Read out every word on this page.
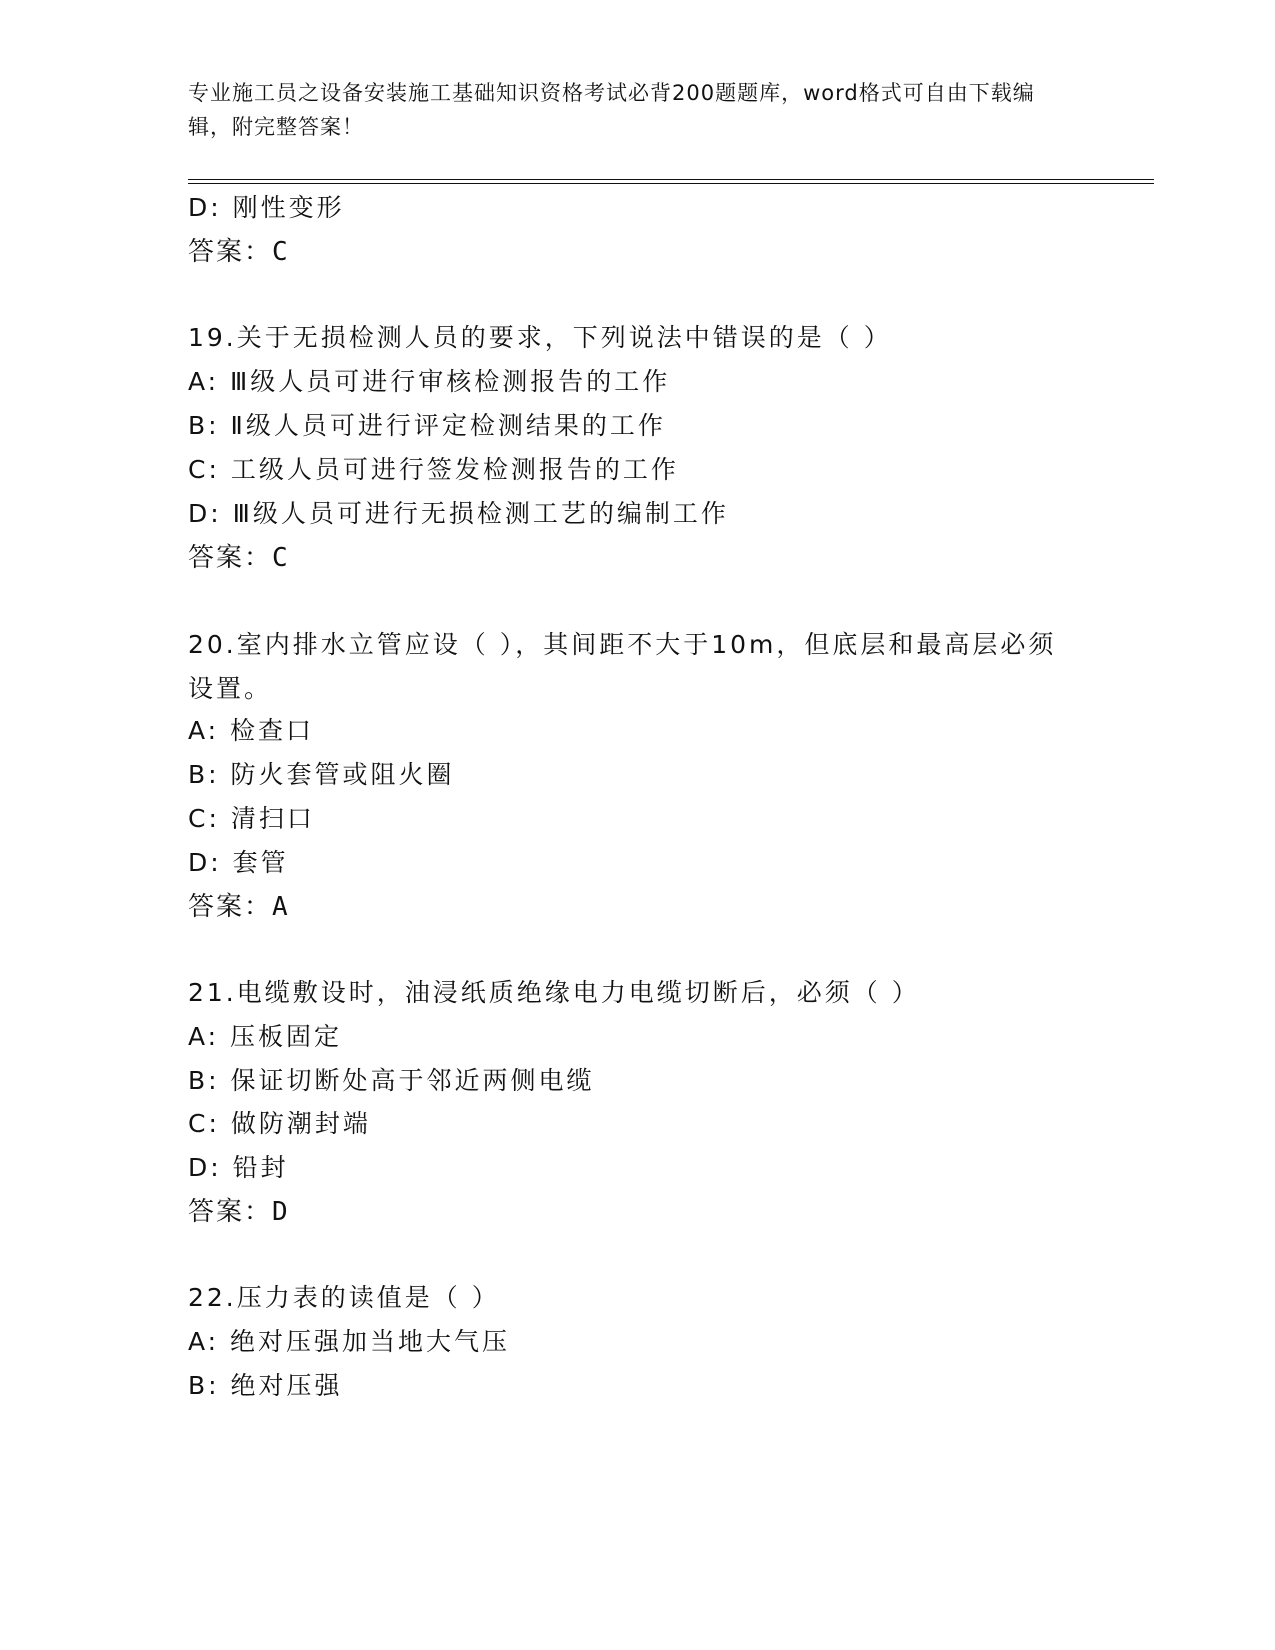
专业施工员之设备安装施工基础知识资格考试必背200题题库，word格式可自由下载编辑，附完整答案！
D: 刚性变形
答案：C
19.关于无损检测人员的要求，下列说法中错误的是（ ）
A: Ⅲ级人员可进行审核检测报告的工作
B: Ⅱ级人员可进行评定检测结果的工作
C: 工级人员可进行签发检测报告的工作
D: Ⅲ级人员可进行无损检测工艺的编制工作
答案：C
20.室内排水立管应设（ ），其间距不大于10m，但底层和最高层必须
设置。
A: 检查口
B: 防火套管或阻火圈
C: 清扫口
D: 套管
答案：A
21.电缆敷设时，油浸纸质绝缘电力电缆切断后，必须（ ）
A: 压板固定
B: 保证切断处高于邻近两侧电缆
C: 做防潮封端
D: 铅封
答案：D
22.压力表的读值是（ ）
A: 绝对压强加当地大气压
B: 绝对压强
